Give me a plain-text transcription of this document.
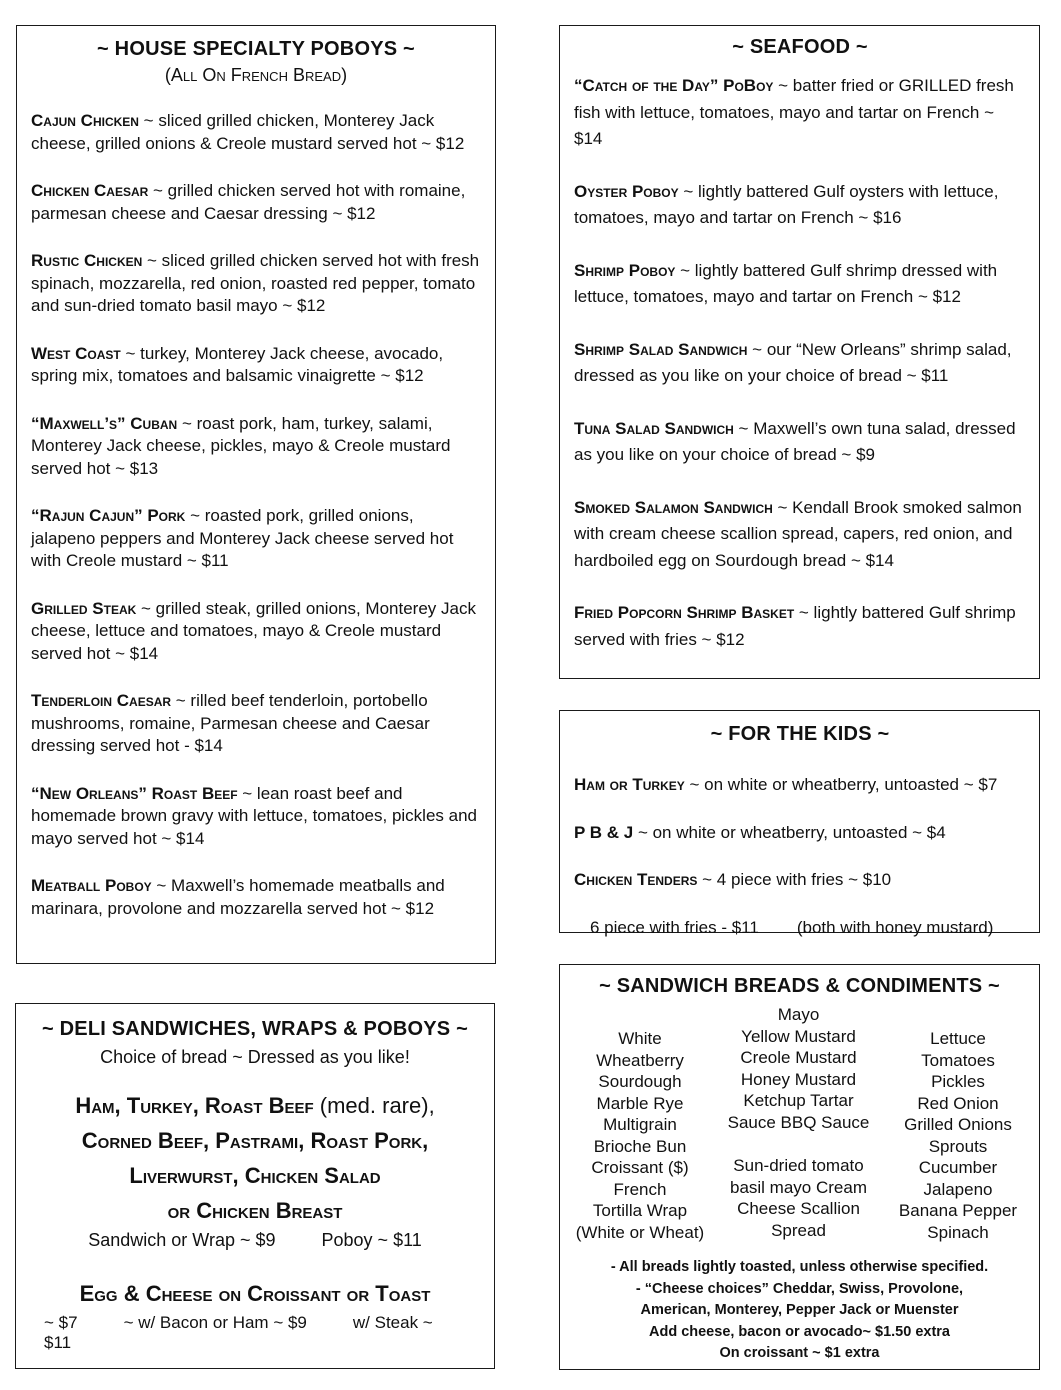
~ HOUSE SPECIALTY POBOYS ~
(All On French Bread)
Cajun Chicken ~ sliced grilled chicken, Monterey Jack cheese, grilled onions & Creole mustard served hot ~ $12
Chicken Caesar ~ grilled chicken served hot with romaine, parmesan cheese and Caesar dressing ~ $12
Rustic Chicken ~ sliced grilled chicken served hot with fresh spinach, mozzarella, red onion, roasted red pepper, tomato and sun-dried tomato basil mayo ~ $12
West Coast ~ turkey, Monterey Jack cheese, avocado, spring mix, tomatoes and balsamic vinaigrette ~ $12
“Maxwell’s” Cuban ~ roast pork, ham, turkey, salami, Monterey Jack cheese, pickles, mayo & Creole mustard served hot ~ $13
“Rajun Cajun” Pork ~ roasted pork, grilled onions, jalapeno peppers and Monterey Jack cheese served hot with Creole mustard ~ $11
Grilled Steak ~ grilled steak, grilled onions, Monterey Jack cheese, lettuce and tomatoes, mayo & Creole mustard served hot ~ $14
Tenderloin Caesar ~ rilled beef tenderloin, portobello mushrooms, romaine, Parmesan cheese and Caesar dressing served hot - $14
“New Orleans” Roast Beef ~ lean roast beef and homemade brown gravy with lettuce, tomatoes, pickles and mayo served hot ~ $14
Meatball Poboy ~ Maxwell’s homemade meatballs and marinara, provolone and mozzarella served hot ~ $12
~ SEAFOOD ~
“Catch of the Day” PoBoy ~ batter fried or GRILLED fresh fish with lettuce, tomatoes, mayo and tartar on French ~ $14
Oyster Poboy ~ lightly battered Gulf oysters with lettuce, tomatoes, mayo and tartar on French ~ $16
Shrimp Poboy ~ lightly battered Gulf shrimp dressed with lettuce, tomatoes, mayo and tartar on French ~ $12
Shrimp Salad Sandwich ~ our “New Orleans” shrimp salad, dressed as you like on your choice of bread ~ $11
Tuna Salad Sandwich ~ Maxwell’s own tuna salad, dressed as you like on your choice of bread ~ $9
Smoked Salamon Sandwich ~ Kendall Brook smoked salmon with cream cheese scallion spread, capers, red onion, and hardboiled egg on Sourdough bread ~ $14
Fried Popcorn Shrimp Basket ~ lightly battered Gulf shrimp served with fries ~ $12
~ FOR THE KIDS ~
Ham or Turkey ~ on white or wheatberry, untoasted ~ $7
P B & J ~ on white or wheatberry, untoasted ~ $4
Chicken Tenders ~ 4 piece with fries ~ $10
6 piece with fries - $11 (both with honey mustard)
~ DELI SANDWICHES, WRAPS & POBOYS ~
Choice of bread ~ Dressed as you like!
Ham, Turkey, Roast Beef (med. rare),
Corned Beef, Pastrami, Roast Pork,
Liverwurst, Chicken Salad
or Chicken Breast
Sandwich or Wrap ~ $9	Poboy ~ $11
Egg & Cheese on Croissant or Toast
~ $7	~ w/ Bacon or Ham ~ $9	w/ Steak ~ $11
~ SANDWICH BREADS & CONDIMENTS ~
White
Wheatberry
Sourdough
Marble Rye
Multigrain
Brioche Bun
Croissant ($)
French
Tortilla Wrap
(White or Wheat)
Mayo
Yellow Mustard
Creole Mustard
Honey Mustard
Ketchup Tartar
Sauce BBQ Sauce
Sun-dried tomato
basil mayo Cream
Cheese Scallion
Spread
Lettuce
Tomatoes
Pickles
Red Onion
Grilled Onions
Sprouts
Cucumber
Jalapeno
Banana Pepper
Spinach
- All breads lightly toasted, unless otherwise specified.
- “Cheese choices” Cheddar, Swiss, Provolone,
American, Monterey, Pepper Jack or Muenster
Add cheese, bacon or avocado~ $1.50 extra
On croissant ~ $1 extra
